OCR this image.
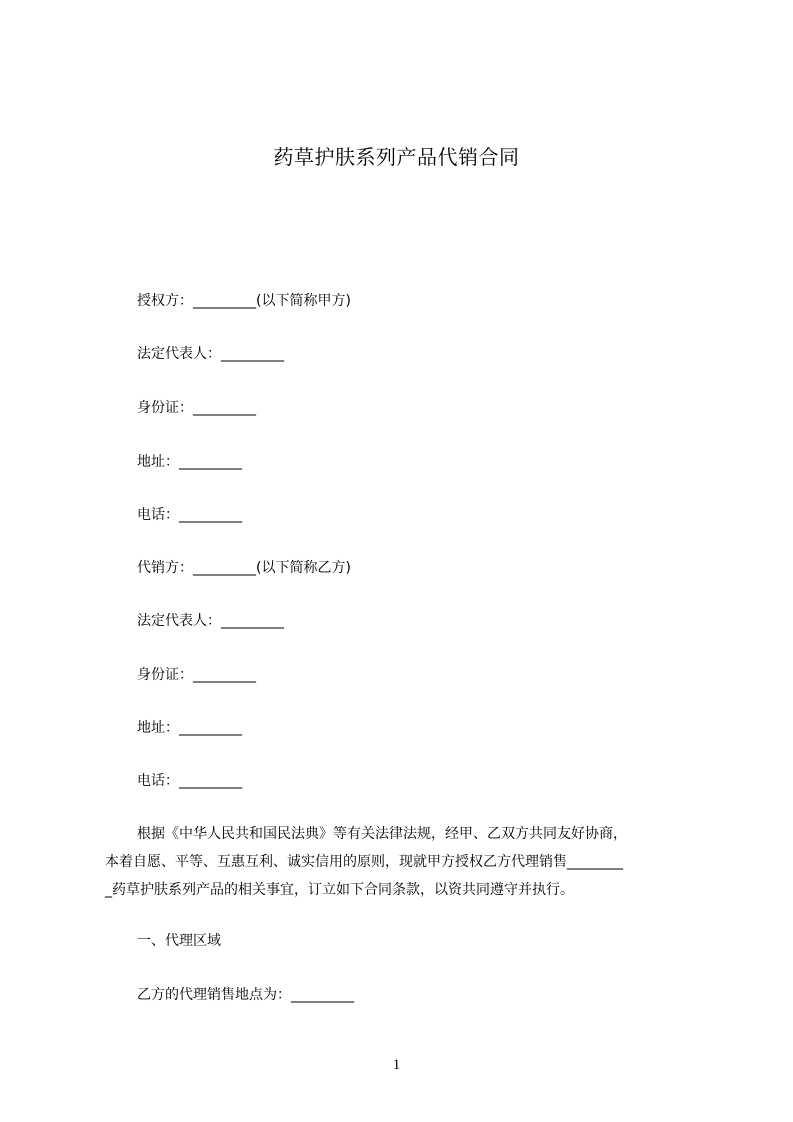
药草护肤系列产品代销合同
授权方：_________(以下简称甲方)
法定代表人：_________
身份证：_________
地址：_________
电话：_________
代销方：_________(以下简称乙方)
法定代表人：_________
身份证：_________
地址：_________
电话：_________
根据《中华人民共和国民法典》等有关法律法规，经甲、乙双方共同友好协商，
本着自愿、平等、互惠互利、诚实信用的原则，现就甲方授权乙方代理销售________
_药草护肤系列产品的相关事宜，订立如下合同条款，以资共同遵守并执行。
一、代理区域
乙方的代理销售地点为：_________
1
